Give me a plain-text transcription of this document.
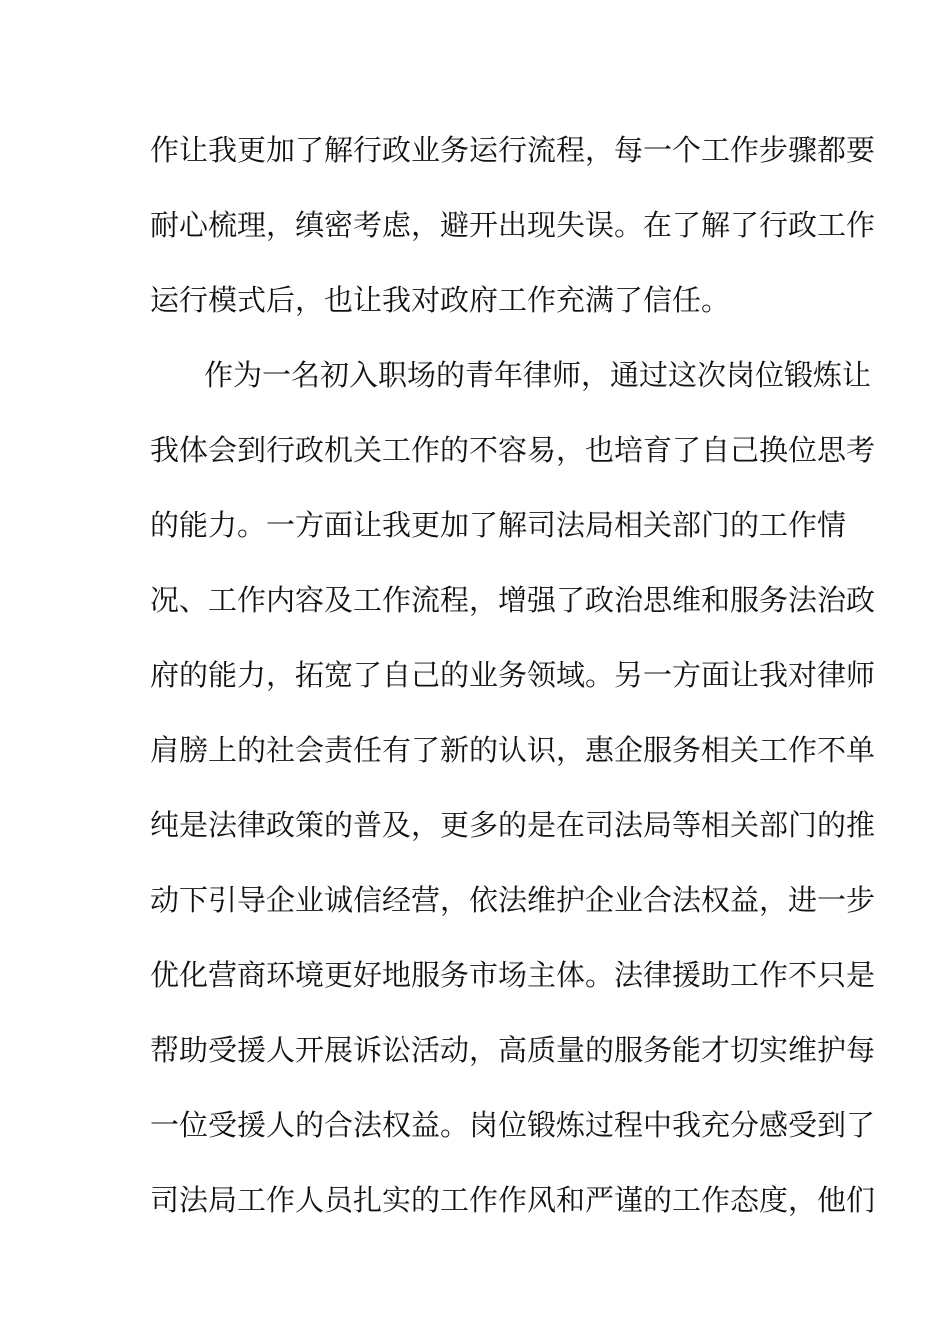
作让我更加了解行政业务运行流程，每一个工作步骤都要
耐心梳理，缜密考虑，避开出现失误。在了解了行政工作
运行模式后，也让我对政府工作充满了信任。
作为一名初入职场的青年律师，通过这次岗位锻炼让
我体会到行政机关工作的不容易，也培育了自己换位思考
的能力。一方面让我更加了解司法局相关部门的工作情
况、工作内容及工作流程，增强了政治思维和服务法治政
府的能力，拓宽了自己的业务领域。另一方面让我对律师
肩膀上的社会责任有了新的认识，惠企服务相关工作不单
纯是法律政策的普及，更多的是在司法局等相关部门的推
动下引导企业诚信经营，依法维护企业合法权益，进一步
优化营商环境更好地服务市场主体。法律援助工作不只是
帮助受援人开展诉讼活动，高质量的服务能才切实维护每
一位受援人的合法权益。岗位锻炼过程中我充分感受到了
司法局工作人员扎实的工作作风和严谨的工作态度，他们
